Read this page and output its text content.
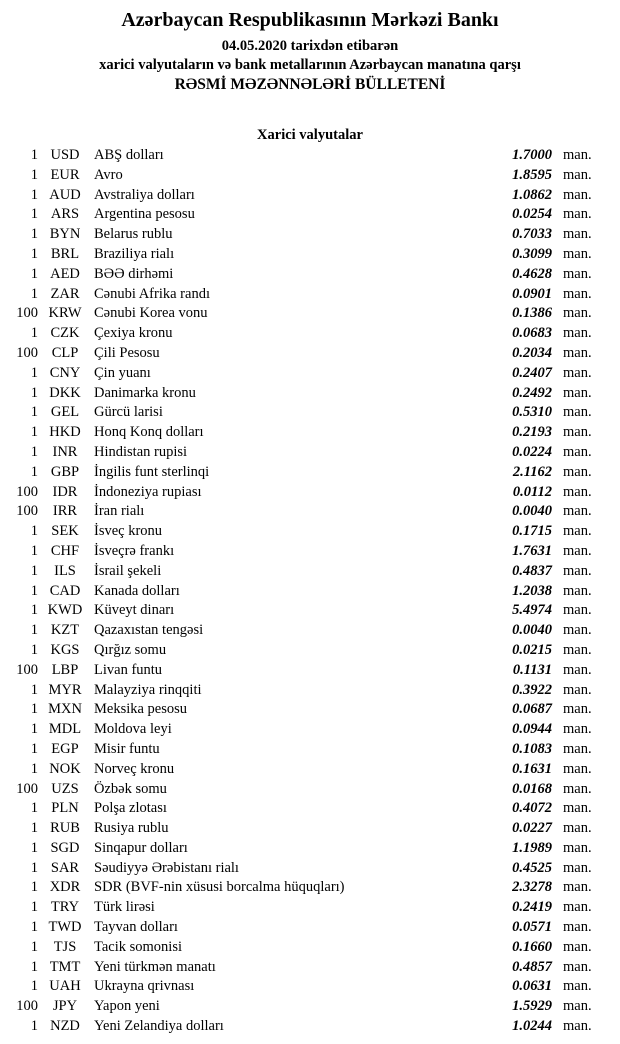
Azərbaycan Respublikasının Mərkəzi Bankı
04.05.2020 tarixdən etibarən
xarici valyutaların və bank metallarının Azərbaycan manatına qarşı
RƏSMİ MƏZƏNNƏLƏRİ BÜLLETENİ
Xarici valyutalar
1 USD	ABŞ dolları	1.7000 man.
1 EUR	Avro	1.8595 man.
1 AUD Avstraliya dolları	1.0862 man.
1 ARS	Argentina pesosu	0.0254 man.
1 BYN Belarus rublu	0.7033 man.
1 BRL	Braziliya rialı	0.3099 man.
1 AED BƏƏ dirhəmi	0.4628 man.
1 ZAR	Cənubi Afrika randı	0.0901 man.
100 KRW Cənubi Korea vonu	0.1386 man.
1 CZK	Çexiya kronu	0.0683 man.
100 CLP	Çili Pesosu	0.2034 man.
1 CNY Çin yuanı	0.2407 man.
1 DKK Danimarka kronu	0.2492 man.
1 GEL	Gürcü larisi	0.5310 man.
1 HKD Honq Konq dolları	0.2193 man.
1	INR	Hindistan rupisi	0.0224 man.
1 GBP	İngilis funt sterlinqi	2.1162 man.
100	IDR	İndoneziya rupiası	0.0112 man.
100	IRR	İran rialı	0.0040 man.
1 SEK	İsveç kronu	0.1715 man.
1 CHF	İsveçrə frankı	1.7631 man.
1	ILS	İsrail şekeli	0.4837 man.
1 CAD Kanada dolları	1.2038 man.
1 KWD Küveyt dinarı	5.4974 man.
1 KZT	Qazaxıstan tengəsi	0.0040 man.
1 KGS	Qırğız somu	0.0215 man.
100 LBP	Livan funtu	0.1131 man.
1 MYR Malayziya rinqqiti	0.3922 man.
1 MXN Meksika pesosu	0.0687 man.
1 MDL Moldova leyi	0.0944 man.
1 EGP	Misir funtu	0.1083 man.
1 NOK Norveç kronu	0.1631 man.
100 UZS	Özbək somu	0.0168 man.
1 PLN	Polşa zlotası	0.4072 man.
1 RUB Rusiya rublu	0.0227 man.
1 SGD	Sinqapur dolları	1.1989 man.
1 SAR	Səudiyyə Ərəbistanı rialı	0.4525 man.
1 XDR SDR (BVF-nin xüsusi borcalma hüquqları)	2.3278 man.
1 TRY	Türk lirəsi	0.2419 man.
1 TWD Tayvan dolları	0.0571 man.
1	TJS	Tacik somonisi	0.1660 man.
1 TMT Yeni türkmən manatı	0.4857 man.
1 UAH Ukrayna qrivnası	0.0631 man.
100	JPY	Yapon yeni	1.5929 man.
1 NZD Yeni Zelandiya dolları	1.0244 man.
